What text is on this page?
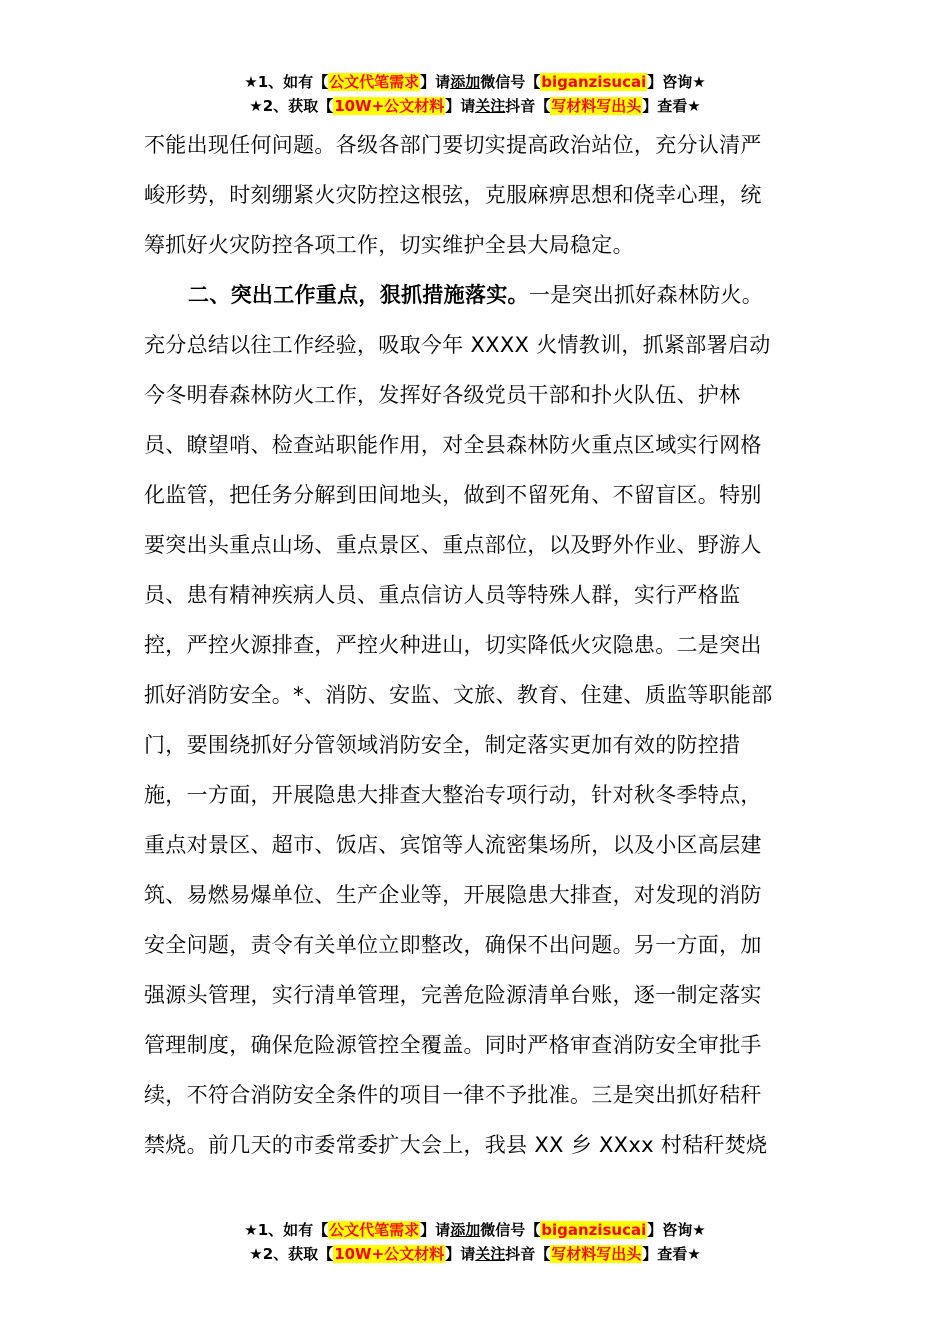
★1、如有【公文代笔需求】请添加微信号【biganzisucai】咨询★
★2、获取【10W+公文材料】请关注抖音【写材料写出头】查看★
不能出现任何问题。各级各部门要切实提高政治站位，充分认清严
峻形势，时刻绷紧火灾防控这根弦，克服麻痹思想和侥幸心理，统
筹抓好火灾防控各项工作，切实维护全县大局稳定。
二、突出工作重点，狠抓措施落实。一是突出抓好森林防火。
充分总结以往工作经验，吸取今年 XXXX 火情教训，抓紧部署启动
今冬明春森林防火工作，发挥好各级党员干部和扑火队伍、护林
员、瞭望哨、检查站职能作用，对全县森林防火重点区域实行网格
化监管，把任务分解到田间地头，做到不留死角、不留盲区。特别
要突出头重点山场、重点景区、重点部位，以及野外作业、野游人
员、患有精神疾病人员、重点信访人员等特殊人群，实行严格监
控，严控火源排查，严控火种进山，切实降低火灾隐患。二是突出
抓好消防安全。*、消防、安监、文旅、教育、住建、质监等职能部
门，要围绕抓好分管领域消防安全，制定落实更加有效的防控措
施，一方面，开展隐患大排查大整治专项行动，针对秋冬季特点，
重点对景区、超市、饭店、宾馆等人流密集场所，以及小区高层建
筑、易燃易爆单位、生产企业等，开展隐患大排查，对发现的消防
安全问题，责令有关单位立即整改，确保不出问题。另一方面，加
强源头管理，实行清单管理，完善危险源清单台账，逐一制定落实
管理制度，确保危险源管控全覆盖。同时严格审查消防安全审批手
续，不符合消防安全条件的项目一律不予批准。三是突出抓好秸秆
禁烧。前几天的市委常委扩大会上，我县 XX 乡 XXxx 村秸秆焚烧
★1、如有【公文代笔需求】请添加微信号【biganzisucai】咨询★
★2、获取【10W+公文材料】请关注抖音【写材料写出头】查看★
